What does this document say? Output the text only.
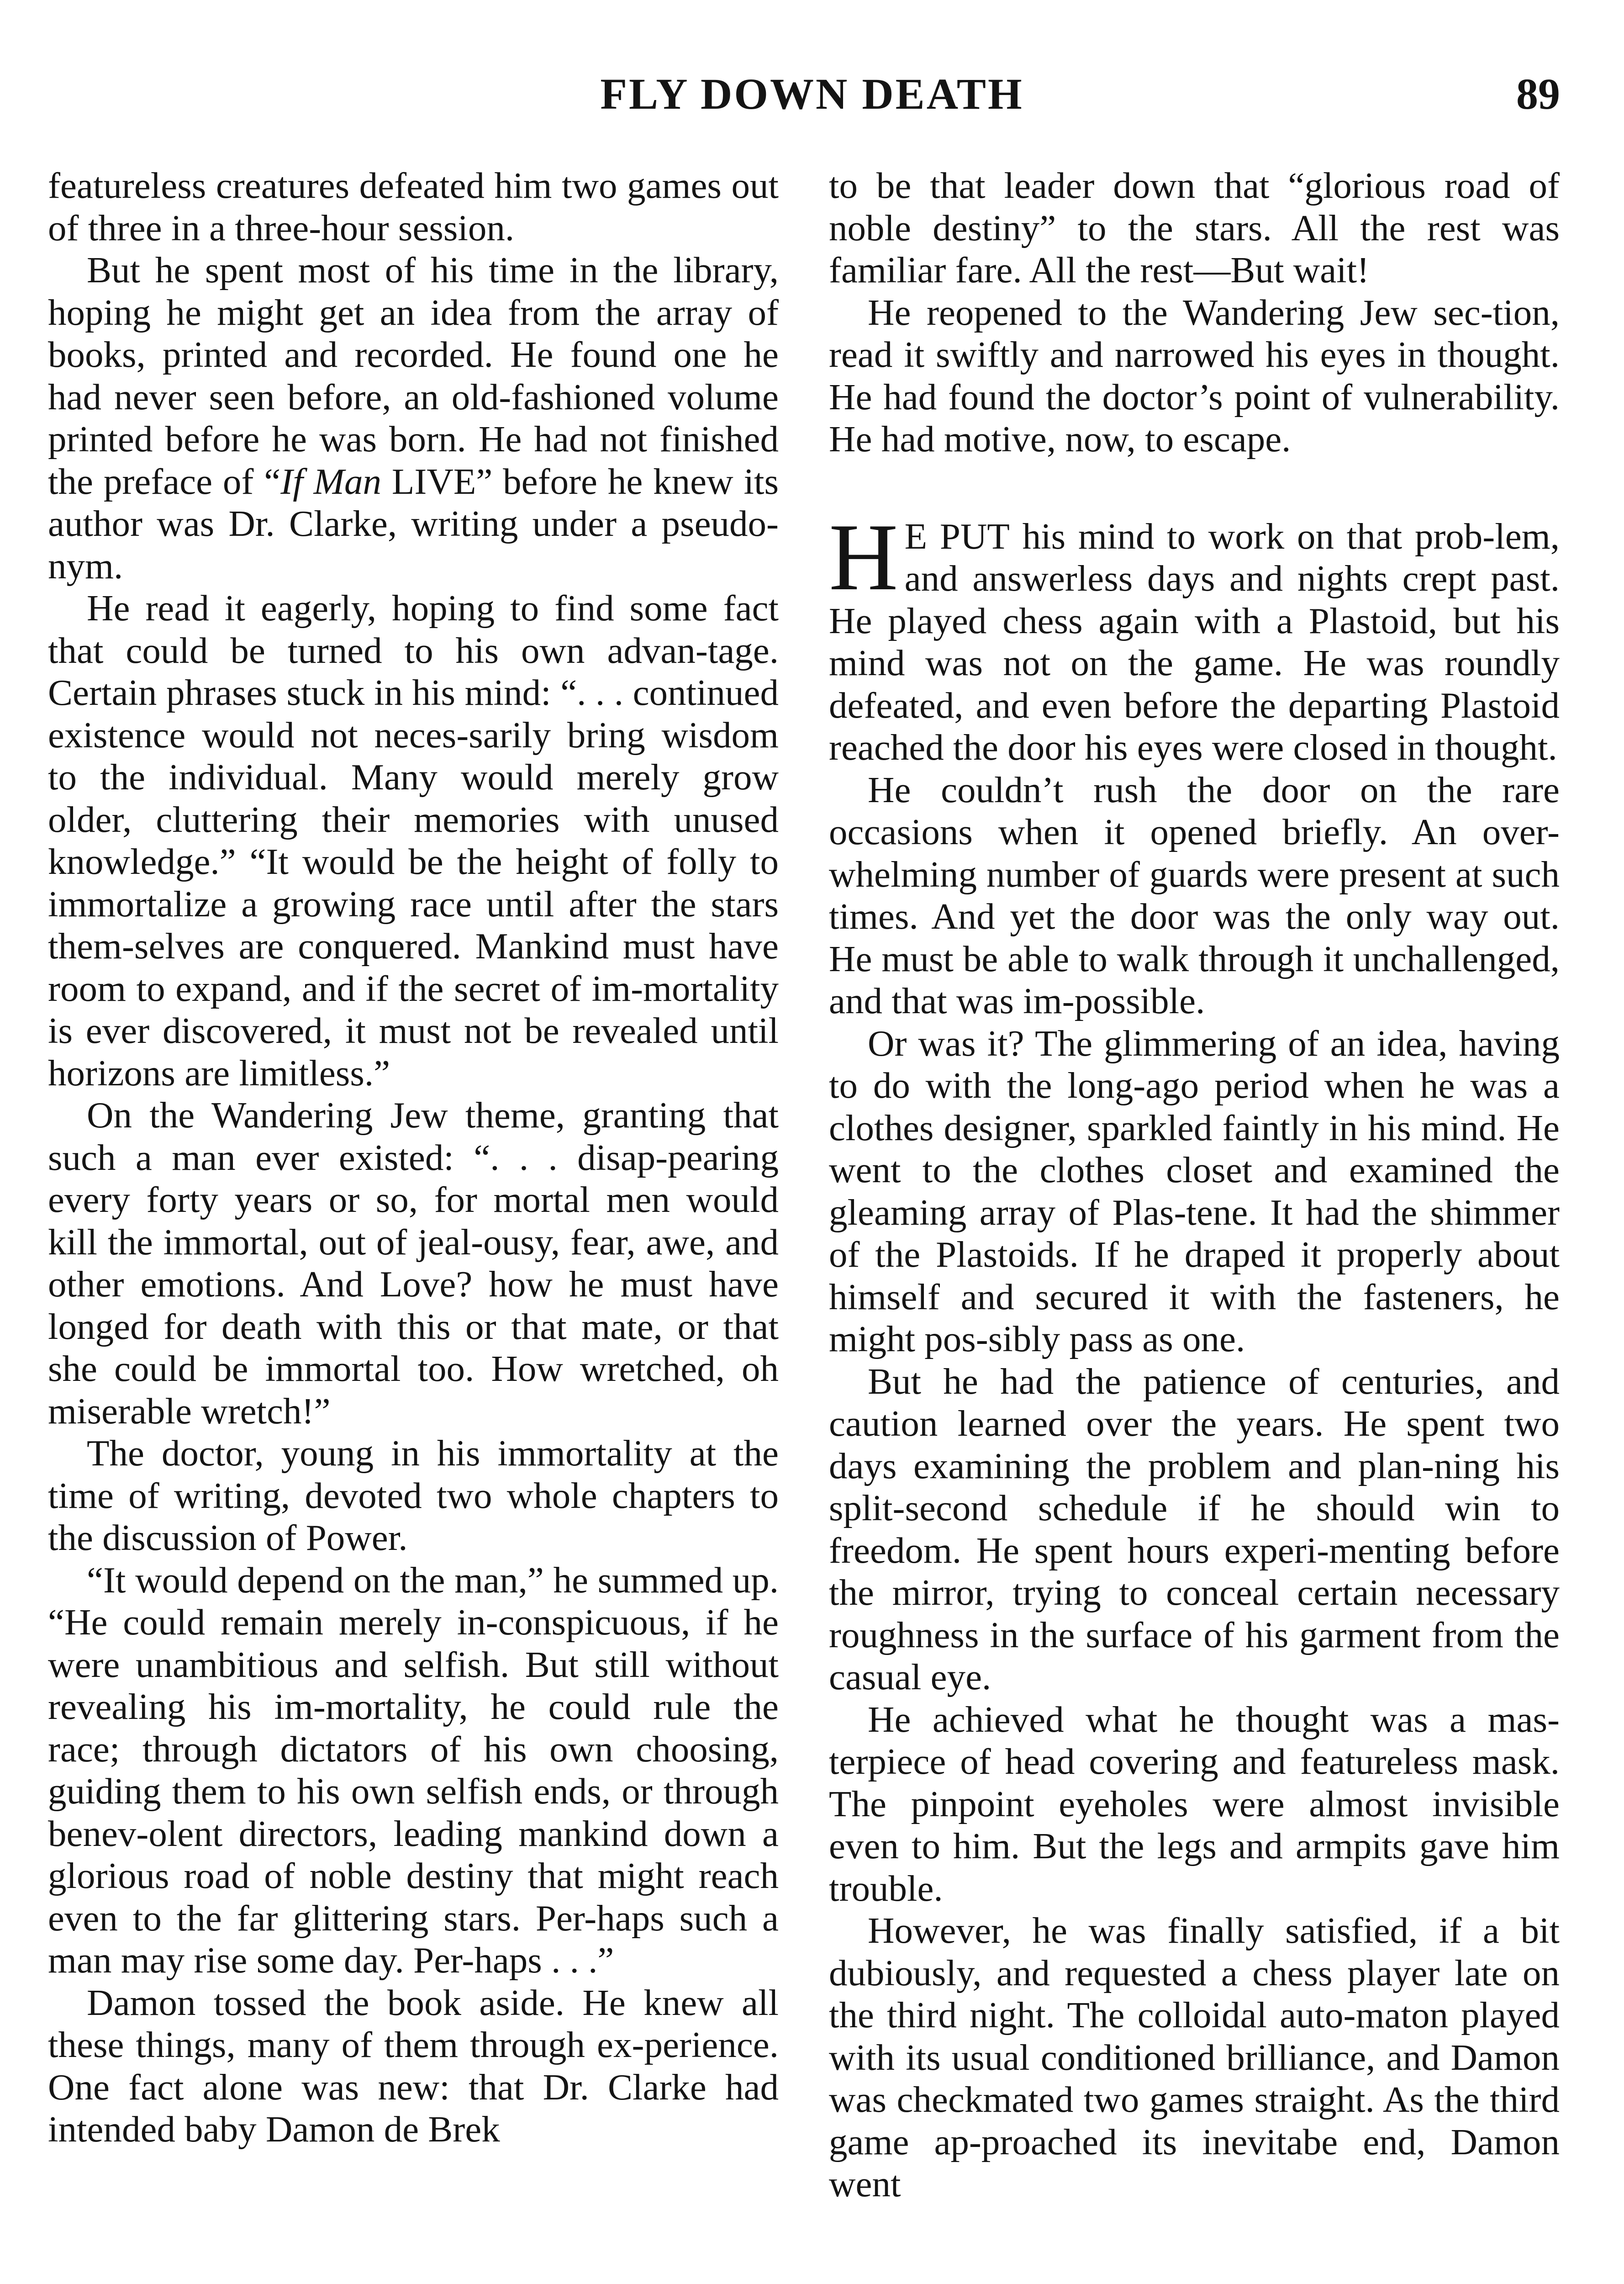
FLY DOWN DEATH	89

featureless creatures defeated him two games out of three in a three-hour session.

But he spent most of his time in the library, hoping he might get an idea from the array of books, printed and recorded. He found one he had never seen before, an old-fashioned volume printed before he was born. He had not finished the preface of “If Man LIVE” before he knew its author was Dr. Clarke, writing under a pseudo-nym.

He read it eagerly, hoping to find some fact that could be turned to his own advan-tage. Certain phrases stuck in his mind: “. . . continued existence would not neces-sarily bring wisdom to the individual. Many would merely grow older, cluttering their memories with unused knowledge.” “It would be the height of folly to immortalize a growing race until after the stars them-selves are conquered. Mankind must have room to expand, and if the secret of im-mortality is ever discovered, it must not be revealed until horizons are limitless.”

On the Wandering Jew theme, granting that such a man ever existed: “. . . disap-pearing every forty years or so, for mortal men would kill the immortal, out of jeal-ousy, fear, awe, and other emotions. And Love? how he must have longed for death with this or that mate, or that she could be immortal too. How wretched, oh miserable wretch!”

The doctor, young in his immortality at the time of writing, devoted two whole chapters to the discussion of Power.

“It would depend on the man,” he summed up. “He could remain merely in-conspicuous, if he were unambitious and selfish. But still without revealing his im-mortality, he could rule the race; through dictators of his own choosing, guiding them to his own selfish ends, or through benev-olent directors, leading mankind down a glorious road of noble destiny that might reach even to the far glittering stars. Per-haps such a man may rise some day. Per-haps . . .”

Damon tossed the book aside. He knew all these things, many of them through ex-perience. One fact alone was new: that Dr. Clarke had intended baby Damon de Brek

to be that leader down that “glorious road of noble destiny” to the stars. All the rest was familiar fare. All the rest—But wait!

He reopened to the Wandering Jew sec-tion, read it swiftly and narrowed his eyes in thought. He had found the doctor’s point of vulnerability. He had motive, now, to escape.

H E PUT his mind to work on that prob-lem, and answerless days and nights crept past. He played chess again with a Plastoid, but his mind was not on the game. He was roundly defeated, and even before the departing Plastoid reached the door his eyes were closed in thought.

He couldn’t rush the door on the rare occasions when it opened briefly. An over-whelming number of guards were present at such times. And yet the door was the only way out. He must be able to walk through it unchallenged, and that was im-possible.

Or was it? The glimmering of an idea, having to do with the long-ago period when he was a clothes designer, sparkled faintly in his mind. He went to the clothes closet and examined the gleaming array of Plas-tene. It had the shimmer of the Plastoids. If he draped it properly about himself and secured it with the fasteners, he might pos-sibly pass as one.

But he had the patience of centuries, and caution learned over the years. He spent two days examining the problem and plan-ning his split-second schedule if he should win to freedom. He spent hours experi-menting before the mirror, trying to conceal certain necessary roughness in the surface of his garment from the casual eye.

He achieved what he thought was a mas-terpiece of head covering and featureless mask. The pinpoint eyeholes were almost invisible even to him. But the legs and armpits gave him trouble.

However, he was finally satisfied, if a bit dubiously, and requested a chess player late on the third night. The colloidal auto-maton played with its usual conditioned brilliance, and Damon was checkmated two games straight. As the third game ap-proached its inevitabe end, Damon went
